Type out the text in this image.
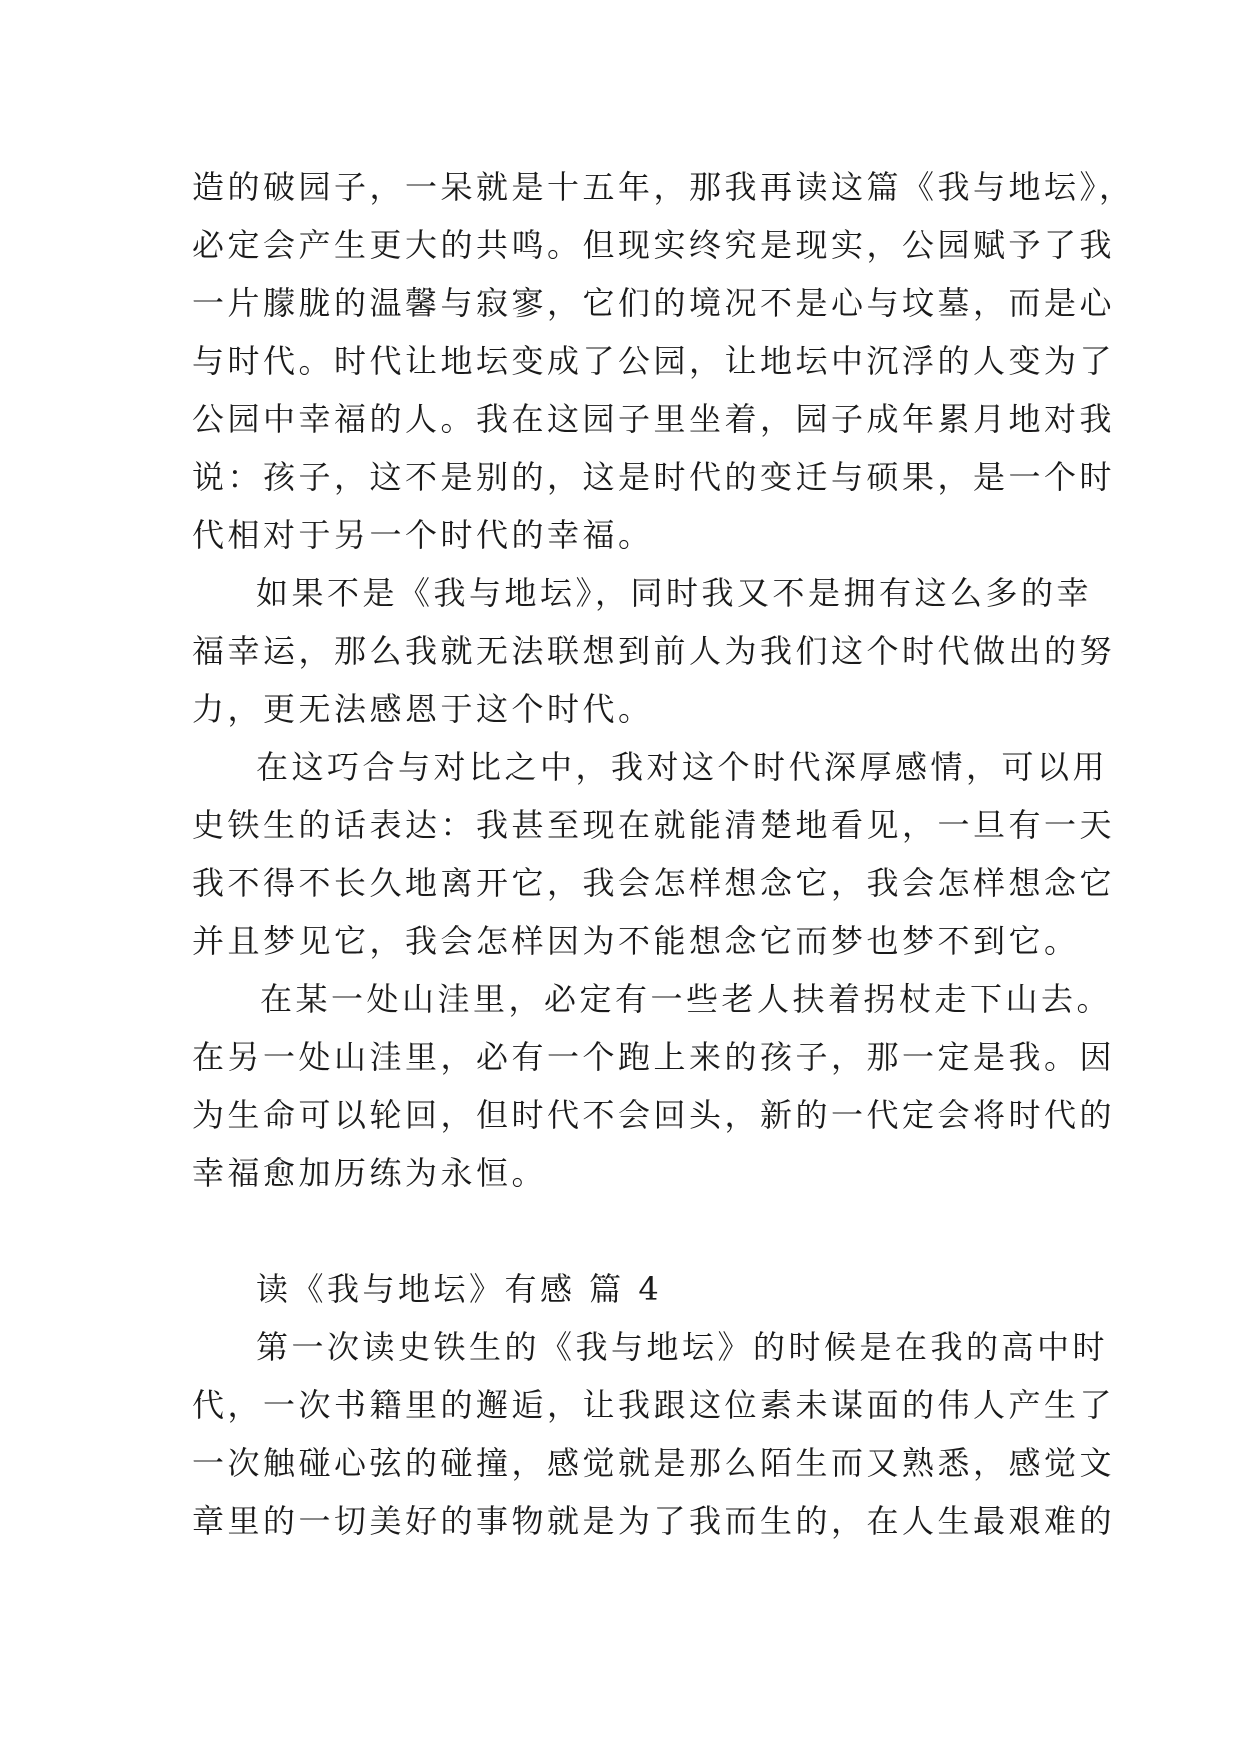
造的破园子，一呆就是十五年，那我再读这篇《我与地坛》，
必定会产生更大的共鸣。但现实终究是现实，公园赋予了我
一片朦胧的温馨与寂寥，它们的境况不是心与坟墓，而是心
与时代。时代让地坛变成了公园，让地坛中沉浮的人变为了
公园中幸福的人。我在这园子里坐着，园子成年累月地对我
说：孩子，这不是别的，这是时代的变迁与硕果，是一个时
代相对于另一个时代的幸福。
如果不是《我与地坛》，同时我又不是拥有这么多的幸
福幸运，那么我就无法联想到前人为我们这个时代做出的努
力，更无法感恩于这个时代。
在这巧合与对比之中，我对这个时代深厚感情，可以用
史铁生的话表达：我甚至现在就能清楚地看见，一旦有一天
我不得不长久地离开它，我会怎样想念它，我会怎样想念它
并且梦见它，我会怎样因为不能想念它而梦也梦不到它。
在某一处山洼里，必定有一些老人扶着拐杖走下山去。
在另一处山洼里，必有一个跑上来的孩子，那一定是我。因
为生命可以轮回，但时代不会回头，新的一代定会将时代的
幸福愈加历练为永恒。
读《我与地坛》有感 篇 4
第一次读史铁生的《我与地坛》的时候是在我的高中时
代，一次书籍里的邂逅，让我跟这位素未谋面的伟人产生了
一次触碰心弦的碰撞，感觉就是那么陌生而又熟悉，感觉文
章里的一切美好的事物就是为了我而生的，在人生最艰难的
